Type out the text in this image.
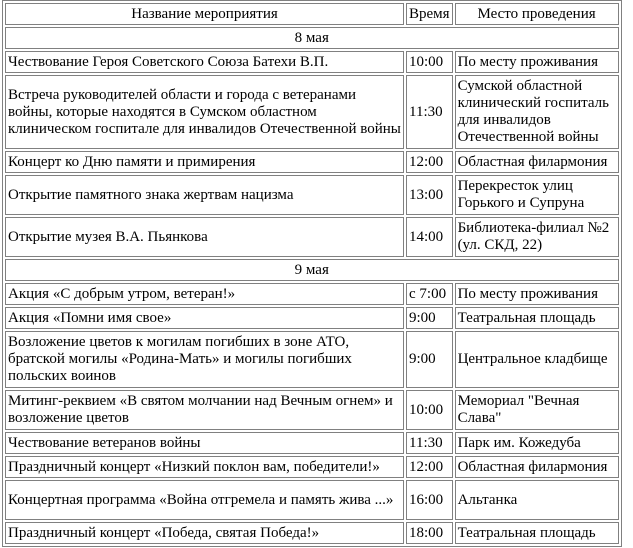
Название мероприятия	Время	Место проведения
8 мая		
Чествование Героя Советского Союза Батехи В.П.	10:00	По месту проживания
Встреча руководителей области и города с ветеранами войны, которые находятся в Сумском областном клиническом госпитале для инвалидов Отечественной войны	11:30	Сумской областной клинический госпиталь для инвалидов Отечественной войны
Концерт ко Дню памяти и примирения	12:00	Областная филармония
Открытие памятного знака жертвам нацизма	13:00	Перекресток улиц Горького и Супруна
Открытие музея В.А. Пьянкова	14:00	Библиотека-филиал №2 (ул. СКД, 22)
9 мая		
Акция «С добрым утром, ветеран!»	с 7:00	По месту проживания
Акция «Помни имя свое»	9:00	Театральная площадь
Возложение цветов к могилам погибших в зоне АТО, братской могилы «Родина-Мать» и могилы погибших польских воинов	9:00	Центральное кладбище
Митинг-реквием «В святом молчании над Вечным огнем» и возложение цветов	10:00	Мемориал "Вечная Слава"
Чествование ветеранов войны	11:30	Парк им. Кожедуба
Праздничный концерт «Низкий поклон вам, победители!»	12:00	Областная филармония
Концертная программа «Война отгремела и память жива ...»	16:00	Альтанка
Праздничный концерт «Победа, святая Победа!»	18:00	Театральная площадь
